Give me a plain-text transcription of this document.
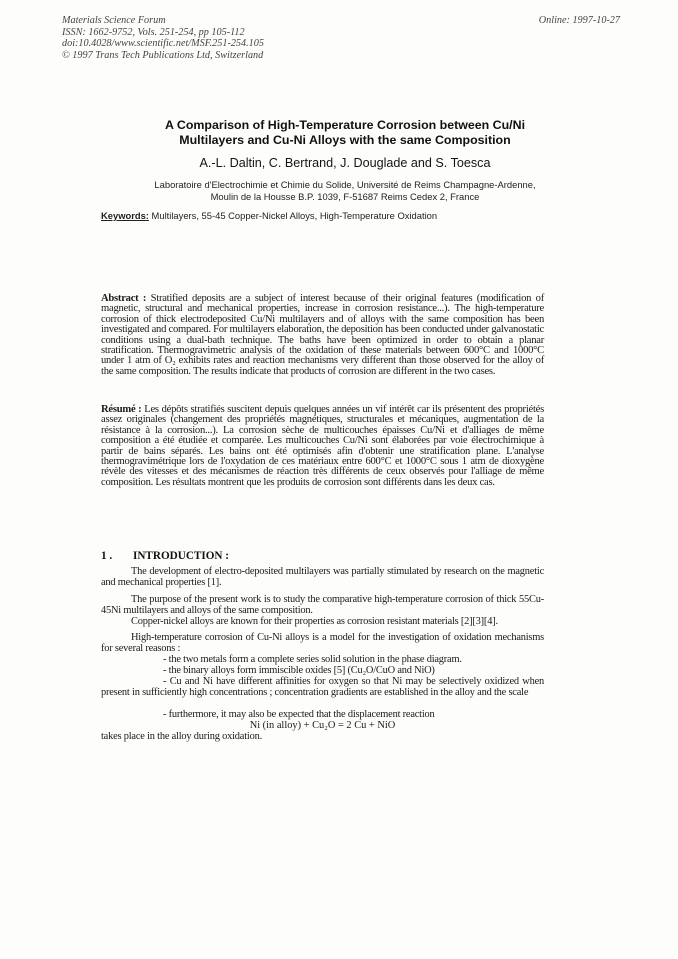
Materials Science Forum
ISSN: 1662-9752, Vols. 251-254, pp 105-112
doi:10.4028/www.scientific.net/MSF.251-254.105
© 1997 Trans Tech Publications Ltd, Switzerland
Online: 1997-10-27
A Comparison of High-Temperature Corrosion between Cu/Ni
Multilayers and Cu-Ni Alloys with the same Composition
A.-L. Daltin, C. Bertrand, J. Douglade and S. Toesca
Laboratoire d'Electrochimie et Chimie du Solide, Université de Reims Champagne-Ardenne,
Moulin de la Housse B.P. 1039, F-51687 Reims Cedex 2, France
Keywords: Multilayers, 55-45 Copper-Nickel Alloys, High-Temperature Oxidation
Abstract : Stratified deposits are a subject of interest because of their original features (modification of magnetic, structural and mechanical properties, increase in corrosion resistance...). The high-temperature corrosion of thick electrodeposited Cu/Ni multilayers and of alloys with the same composition has been investigated and compared. For multilayers elaboration, the deposition has been conducted under galvanostatic conditions using a dual-bath technique. The baths have been optimized in order to obtain a planar stratification. Thermogravimetric analysis of the oxidation of these materials between 600°C and 1000°C under 1 atm of O₂ exhibits rates and reaction mechanisms very different than those observed for the alloy of the same composition. The results indicate that products of corrosion are different in the two cases.
Résumé : Les dépôts stratifiés suscitent depuis quelques années un vif intérêt car ils présentent des propriétés assez originales (changement des propriétés magnétiques, structurales et mécaniques, augmentation de la résistance à la corrosion...). La corrosion sèche de multicouches épaisses Cu/Ni et d'alliages de même composition a été étudiée et comparée. Les multicouches Cu/Ni sont élaborées par voie électrochimique à partir de bains séparés. Les bains ont été optimisés afin d'obtenir une stratification plane. L'analyse thermogravimétrique lors de l'oxydation de ces matériaux entre 600°C et 1000°C sous 1 atm de dioxygène révèle des vitesses et des mécanismes de réaction très différents de ceux observés pour l'alliage de même composition. Les résultats montrent que les produits de corrosion sont différents dans les deux cas.
1 . INTRODUCTION :
The development of electro-deposited multilayers was partially stimulated by research on the magnetic and mechanical properties [1].
The purpose of the present work is to study the comparative high-temperature corrosion of thick 55Cu-45Ni multilayers and alloys of the same composition.
Copper-nickel alloys are known for their properties as corrosion resistant materials [2][3][4].
High-temperature corrosion of Cu-Ni alloys is a model for the investigation of oxidation mechanisms for several reasons :
- the two metals form a complete series solid solution in the phase diagram.
- the binary alloys form immiscible oxides [5] (Cu₂O/CuO and NiO)
- Cu and Ni have different affinities for oxygen so that Ni may be selectively oxidized when present in sufficiently high concentrations ; concentration gradients are established in the alloy and the scale
- furthermore, it may also be expected that the displacement reaction
Ni (in alloy) + Cu₂O = 2 Cu + NiO
takes place in the alloy during oxidation.
